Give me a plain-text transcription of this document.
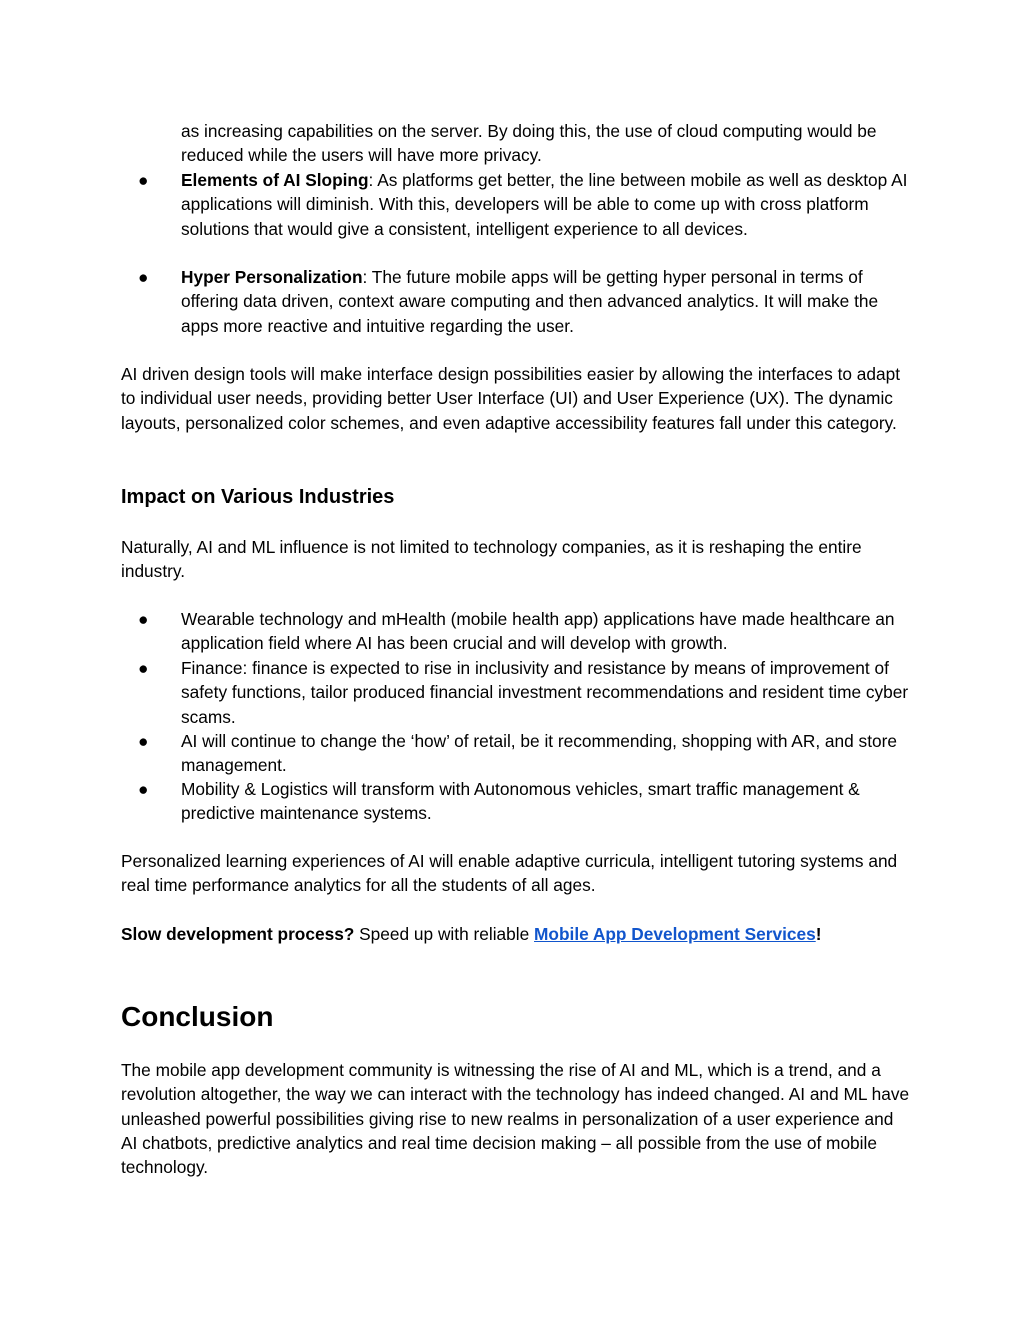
as increasing capabilities on the server. By doing this, the use of cloud computing would be reduced while the users will have more privacy.

●	Elements of AI Sloping: As platforms get better, the line between mobile as well as desktop AI applications will diminish. With this, developers will be able to come up with cross platform solutions that would give a consistent, intelligent experience to all devices.
●	Hyper Personalization: The future mobile apps will be getting hyper personal in terms of offering data driven, context aware computing and then advanced analytics. It will make the apps more reactive and intuitive regarding the user.

AI driven design tools will make interface design possibilities easier by allowing the interfaces to adapt to individual user needs, providing better User Interface (UI) and User Experience (UX). The dynamic layouts, personalized color schemes, and even adaptive accessibility features fall under this category.

Impact on Various Industries

Naturally, AI and ML influence is not limited to technology companies, as it is reshaping the entire industry.

●	Wearable technology and mHealth (mobile health app) applications have made healthcare an application field where AI has been crucial and will develop with growth.
●	Finance: finance is expected to rise in inclusivity and resistance by means of improvement of safety functions, tailor produced financial investment recommendations and resident time cyber scams.
●	AI will continue to change the ‘how’ of retail, be it recommending, shopping with AR, and store management.
●	Mobility & Logistics will transform with Autonomous vehicles, smart traffic management & predictive maintenance systems.

Personalized learning experiences of AI will enable adaptive curricula, intelligent tutoring systems and real time performance analytics for all the students of all ages.

Slow development process? Speed up with reliable Mobile App Development Services!

Conclusion

The mobile app development community is witnessing the rise of AI and ML, which is a trend, and a revolution altogether, the way we can interact with the technology has indeed changed. AI and ML have unleashed powerful possibilities giving rise to new realms in personalization of a user experience and AI chatbots, predictive analytics and real time decision making – all possible from the use of mobile technology.
